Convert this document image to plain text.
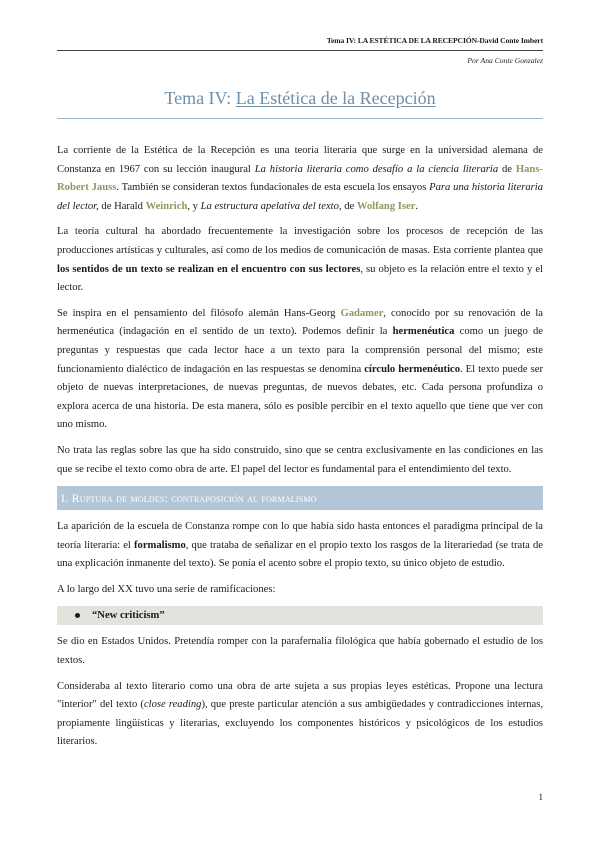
Tema IV: LA ESTÉTICA DE LA RECEPCIÓN-David Conte Imbert
Por Ana Conte Gonzalez
Tema IV: La Estética de la Recepción

La corriente de la Estética de la Recepción es una teoría literaria que surge en la universidad alemana de Constanza en 1967 con su lección inaugural La historia literaria como desafío a la ciencia literaria de Hans-Robert Jauss. También se consideran textos fundacionales de esta escuela los ensayos Para una historia literaria del lector, de Harald Weinrich, y La estructura apelativa del texto, de Wolfang Iser.

La teoría cultural ha abordado frecuentemente la investigación sobre los procesos de recepción de las producciones artísticas y culturales, así como de los medios de comunicación de masas. Esta corriente plantea que los sentidos de un texto se realizan en el encuentro con sus lectores, su objeto es la relación entre el texto y el lector.

Se inspira en el pensamiento del filósofo alemán Hans-Georg Gadamer, conocido por su renovación de la hermenéutica (indagación en el sentido de un texto). Podemos definir la hermenéutica como un juego de preguntas y respuestas que cada lector hace a un texto para la comprensión personal del mismo; este funcionamiento dialéctico de indagación en las respuestas se denomina círculo hermenéutico. El texto puede ser objeto de nuevas interpretaciones, de nuevas preguntas, de nuevos debates, etc. Cada persona profundiza o explora acerca de una historia. De esta manera, sólo es posible percibir en el texto aquello que tiene que ver con uno mismo.

No trata las reglas sobre las que ha sido construido, sino que se centra exclusivamente en las condiciones en las que se recibe el texto como obra de arte. El papel del lector es fundamental para el entendimiento del texto.

I. Ruptura de moldes: contraposición al formalismo

La aparición de la escuela de Constanza rompe con lo que había sido hasta entonces el paradigma principal de la teoría literaria: el formalismo, que trataba de señalizar en el propio texto los rasgos de la literariedad (se trata de una explicación inmanente del texto). Se ponía el acento sobre el propio texto, su único objeto de estudio.

A lo largo del XX tuvo una serie de ramificaciones:

“New criticism”

Se dio en Estados Unidos. Pretendía romper con la parafernalia filológica que había gobernado el estudio de los textos.

Consideraba al texto literario como una obra de arte sujeta a sus propias leyes estéticas. Propone una lectura "interior" del texto (close reading), que preste particular atención a sus ambigüedades y contradicciones internas, propiamente lingüísticas y literarias, excluyendo los componentes históricos y psicológicos de los estudios literarios.

1
